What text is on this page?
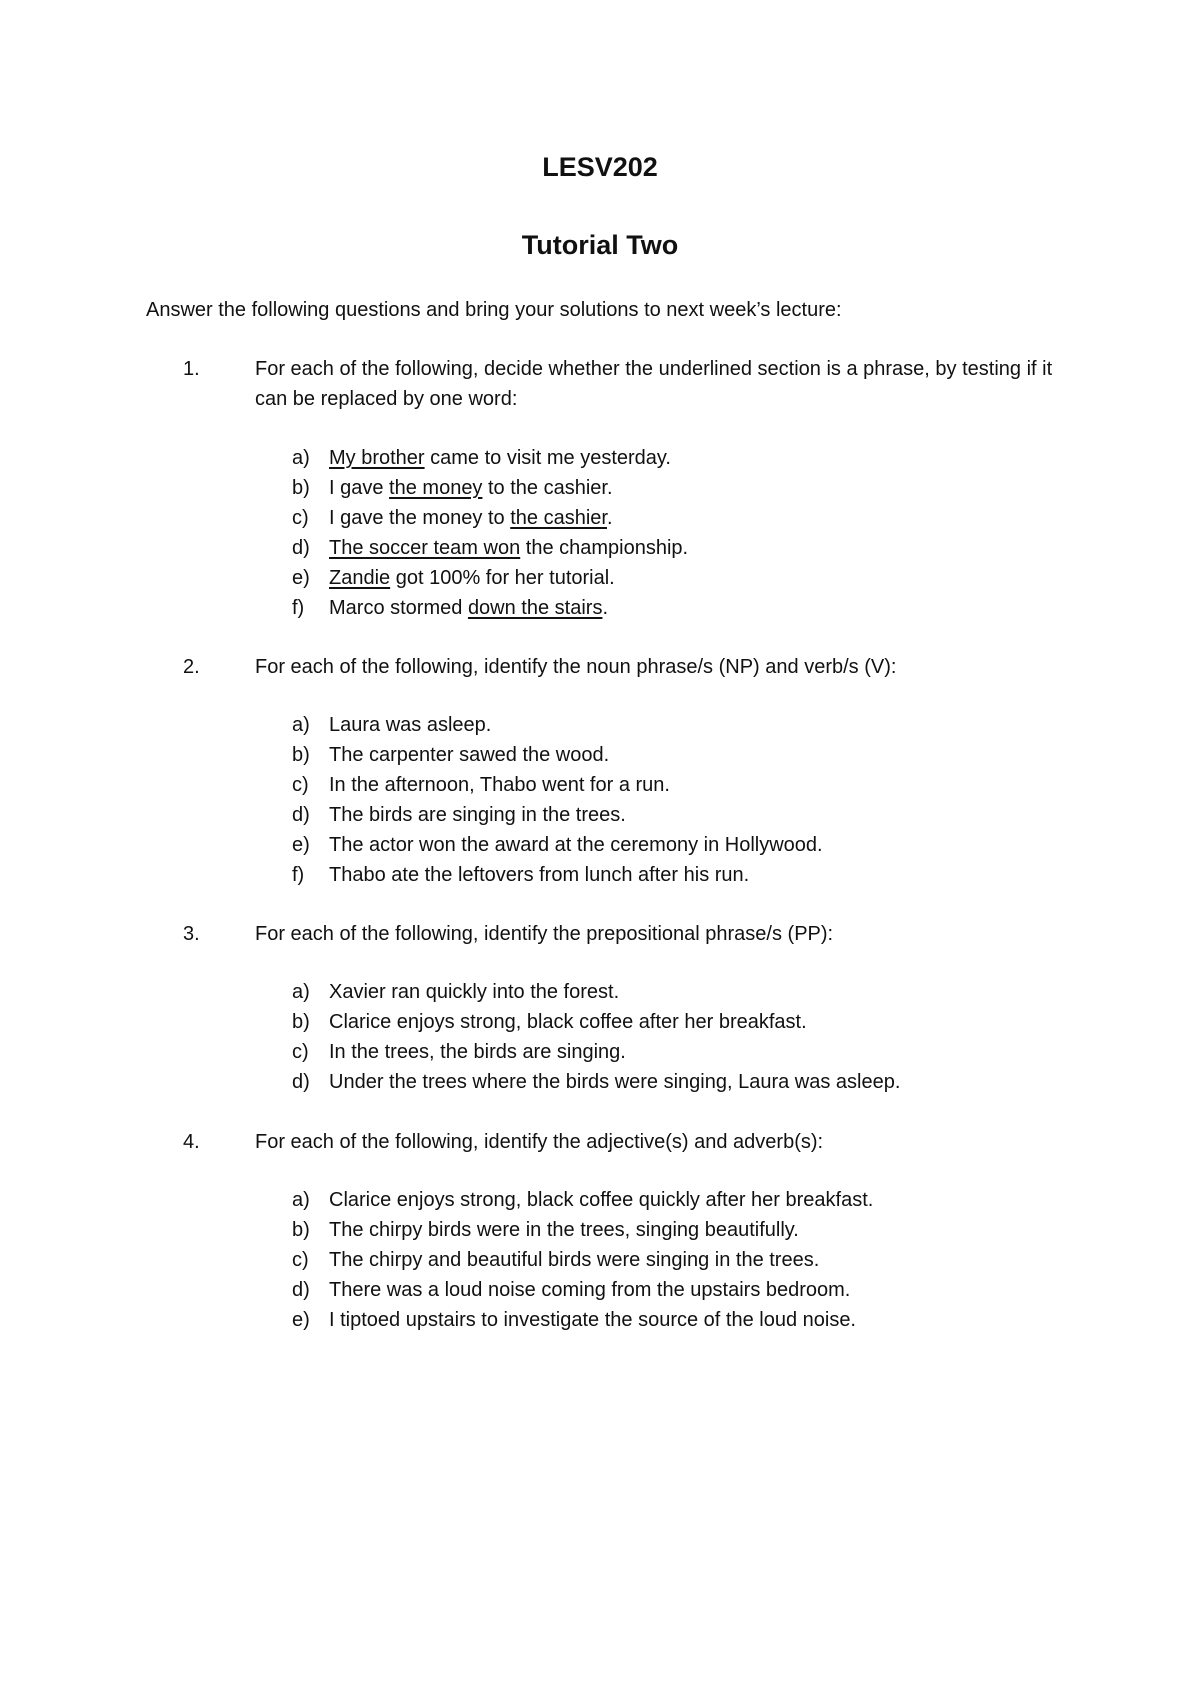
LESV202
Tutorial Two
Answer the following questions and bring your solutions to next week’s lecture:
1.	For each of the following, decide whether the underlined section is a phrase, by testing if it can be replaced by one word:
a) My brother came to visit me yesterday.
b) I gave the money to the cashier.
c)	I gave the money to the cashier.
d) The soccer team won the championship.
e) Zandie got 100% for her tutorial.
f)	Marco stormed down the stairs.
2.	For each of the following, identify the noun phrase/s (NP) and verb/s (V):
a) Laura was asleep.
b) The carpenter sawed the wood.
c)	In the afternoon, Thabo went for a run.
d) The birds are singing in the trees.
e) The actor won the award at the ceremony in Hollywood.
f)	Thabo ate the leftovers from lunch after his run.
3.	For each of the following, identify the prepositional phrase/s (PP):
a) Xavier ran quickly into the forest.
b) Clarice enjoys strong, black coffee after her breakfast.
c)	In the trees, the birds are singing.
d) Under the trees where the birds were singing, Laura was asleep.
4.	For each of the following, identify the adjective(s) and adverb(s):
a) Clarice enjoys strong, black coffee quickly after her breakfast.
b) The chirpy birds were in the trees, singing beautifully.
c)	The chirpy and beautiful birds were singing in the trees.
d) There was a loud noise coming from the upstairs bedroom.
e) I tiptoed upstairs to investigate the source of the loud noise.
